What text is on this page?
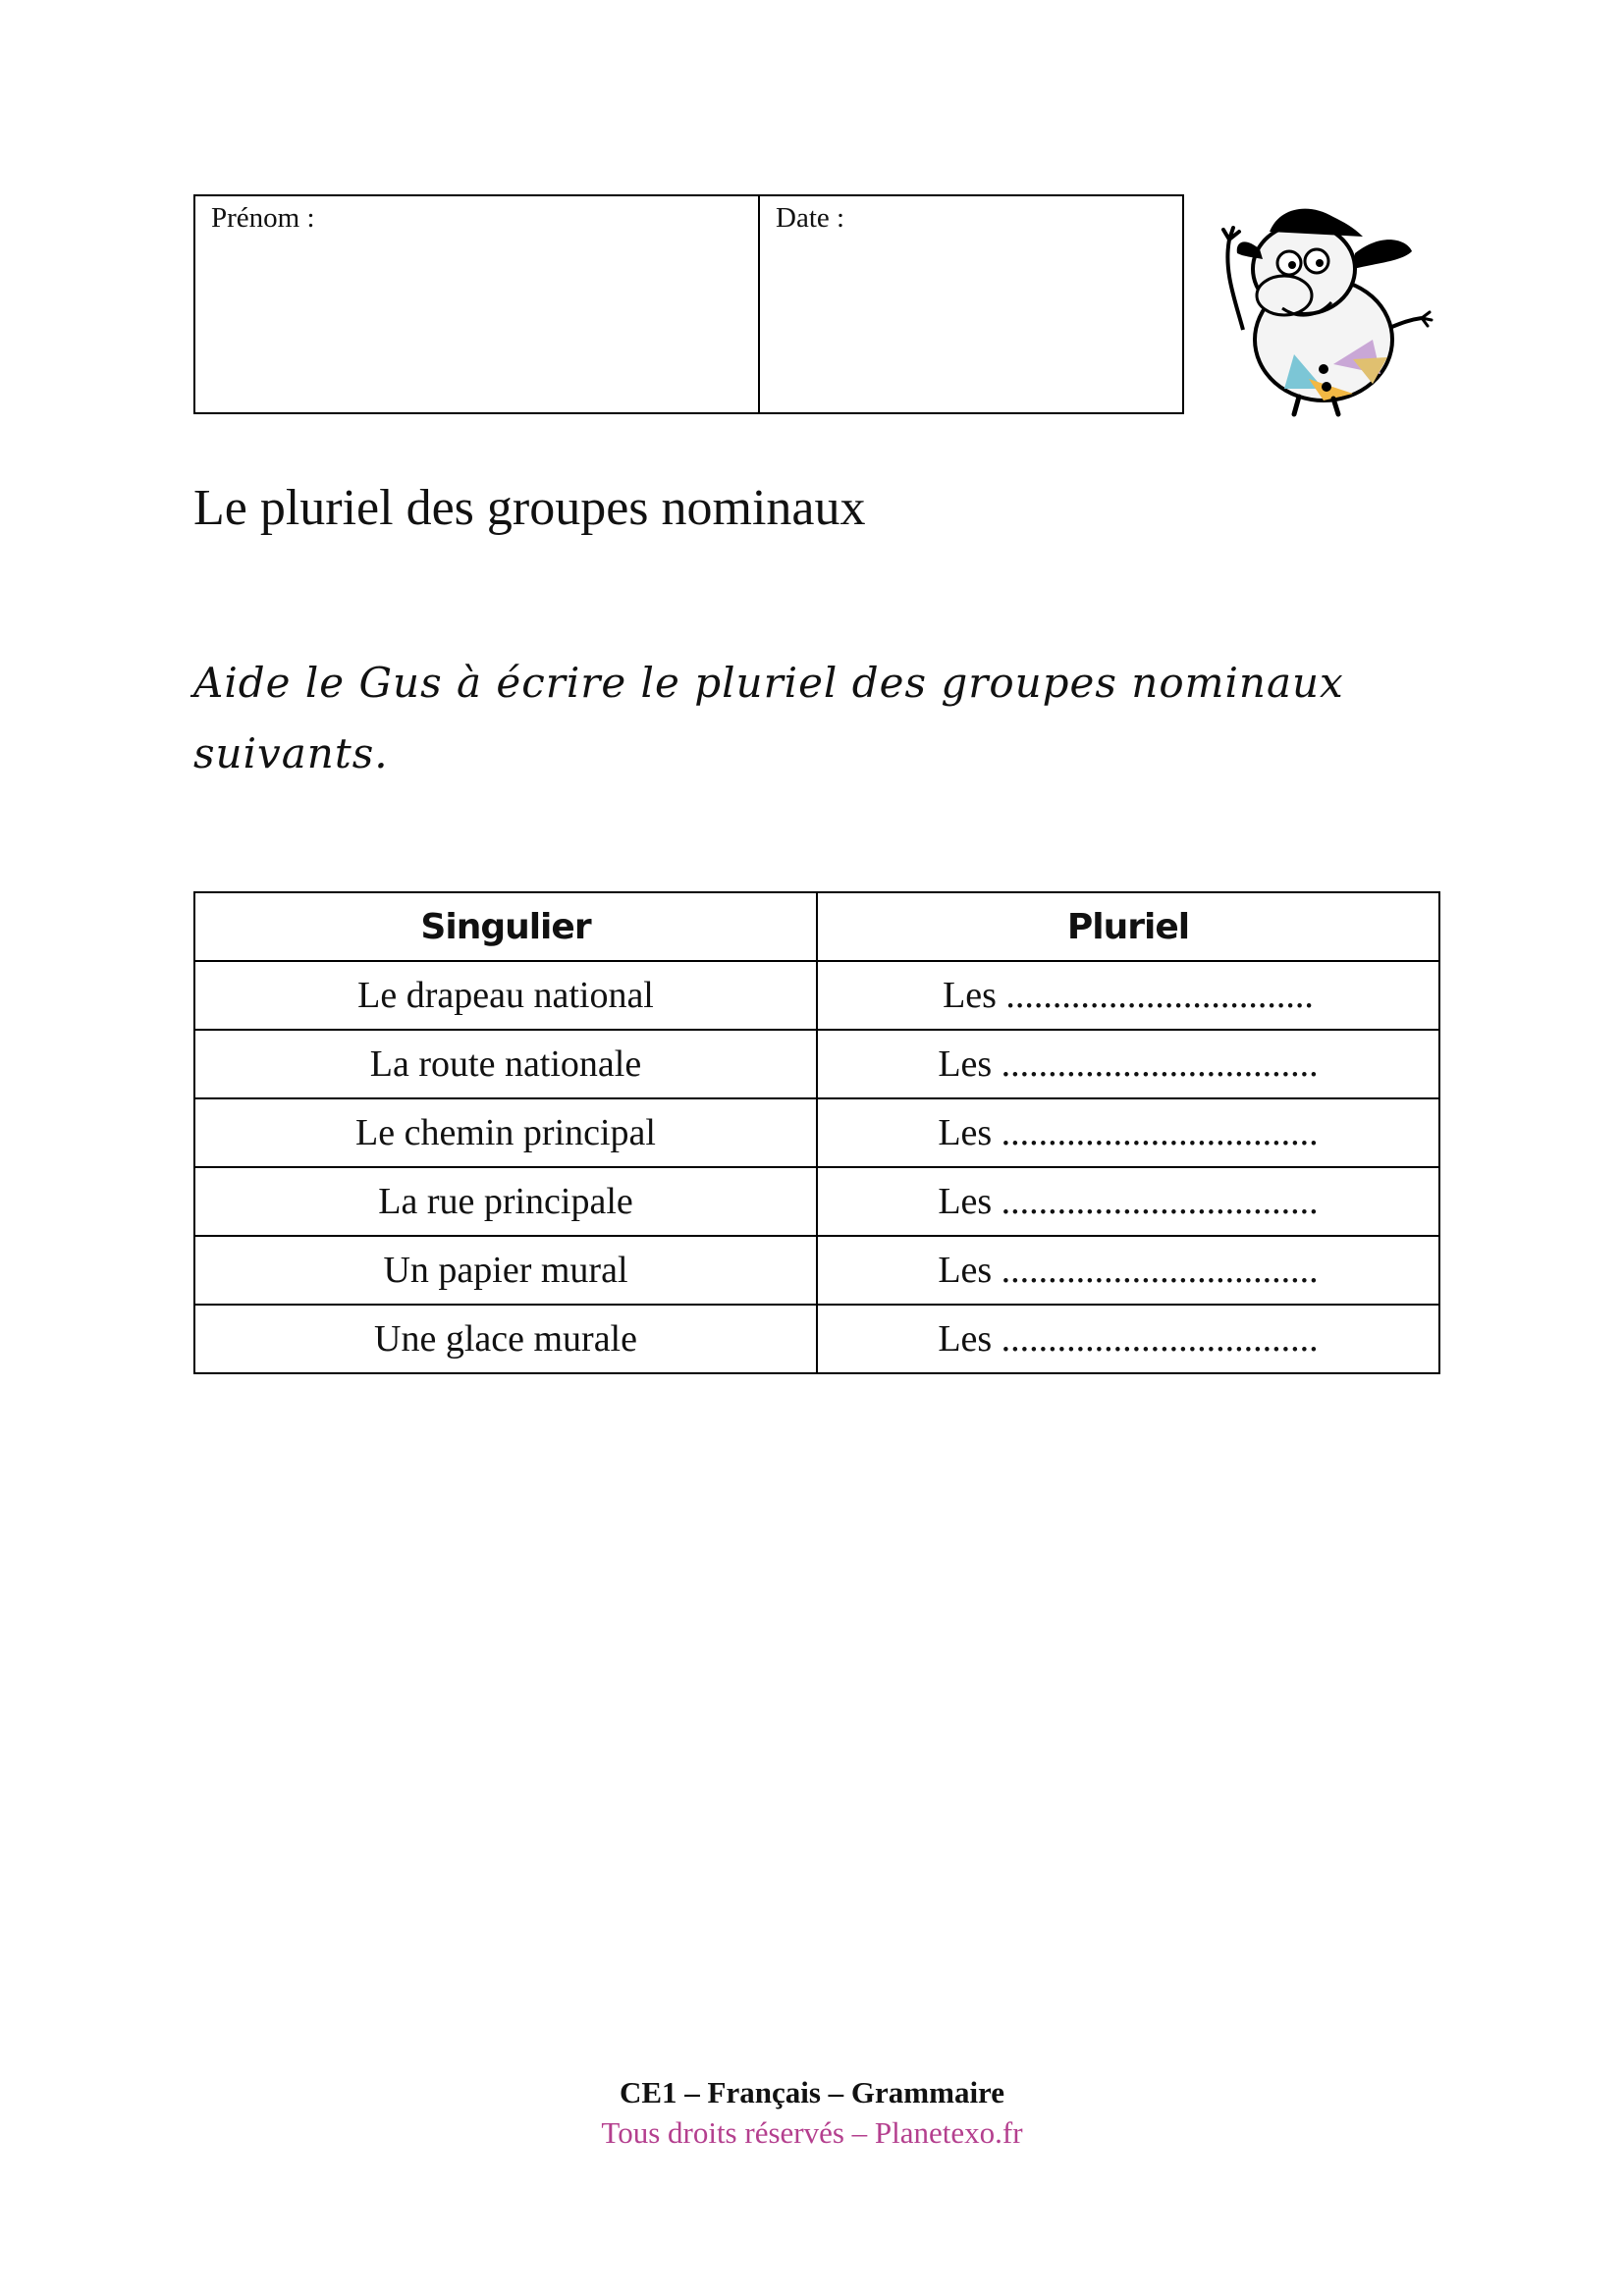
Prénom :	Date :
Le pluriel des groupes nominaux
Aide le Gus à écrire le pluriel des groupes nominaux suivants.
Singulier	Pluriel
Le drapeau national	Les .................................
La route nationale	Les ..................................
Le chemin principal	Les ..................................
La rue principale	Les ..................................
Un papier mural	Les ..................................
Une glace murale	Les ..................................
CE1 – Français – Grammaire
Tous droits réservés – Planetexo.fr
